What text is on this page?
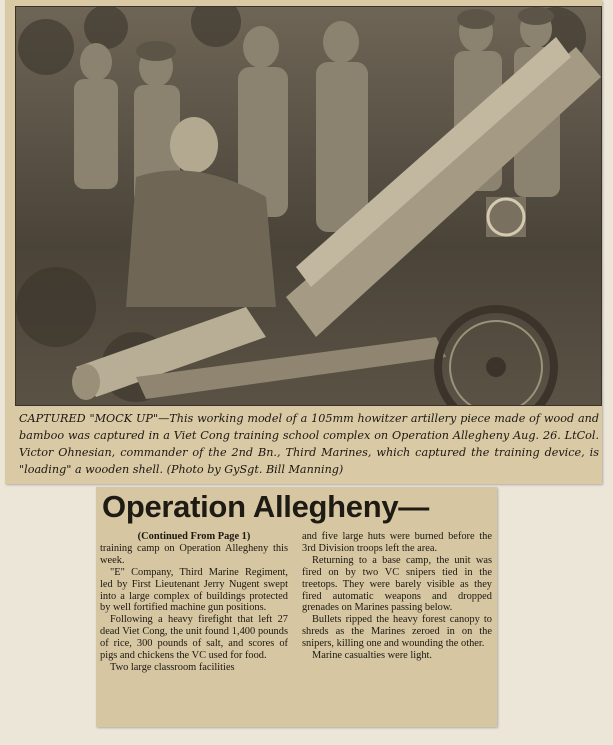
CAPTURED "MOCK UP"—This working model of a 105mm howitzer artillery piece made of wood and bamboo was captured in a Viet Cong training school complex on Operation Allegheny Aug. 26. LtCol. Victor Ohnesian, commander of the 2nd Bn., Third Marines, which captured the training device, is "loading" a wooden shell. (Photo by GySgt. Bill Manning)
Operation Allegheny—
(Continued From Page 1)

training camp on Operation Allegheny this week.

"E" Company, Third Marine Regiment, led by First Lieutenant Jerry Nugent swept into a large complex of buildings protected by well fortified machine gun positions.

Following a heavy firefight that left 27 dead Viet Cong, the unit found 1,400 pounds of rice, 300 pounds of salt, and scores of pigs and chickens the VC used for food.

Two large classroom facilities

and five large huts were burned before the 3rd Division troops left the area.

Returning to a base camp, the unit was fired on by two VC snipers tied in the treetops. They were barely visible as they fired automatic weapons and dropped grenades on Marines passing below.

Bullets ripped the heavy forest canopy to shreds as the Marines zeroed in on the snipers, killing one and wounding the other.

Marine casualties were light.
